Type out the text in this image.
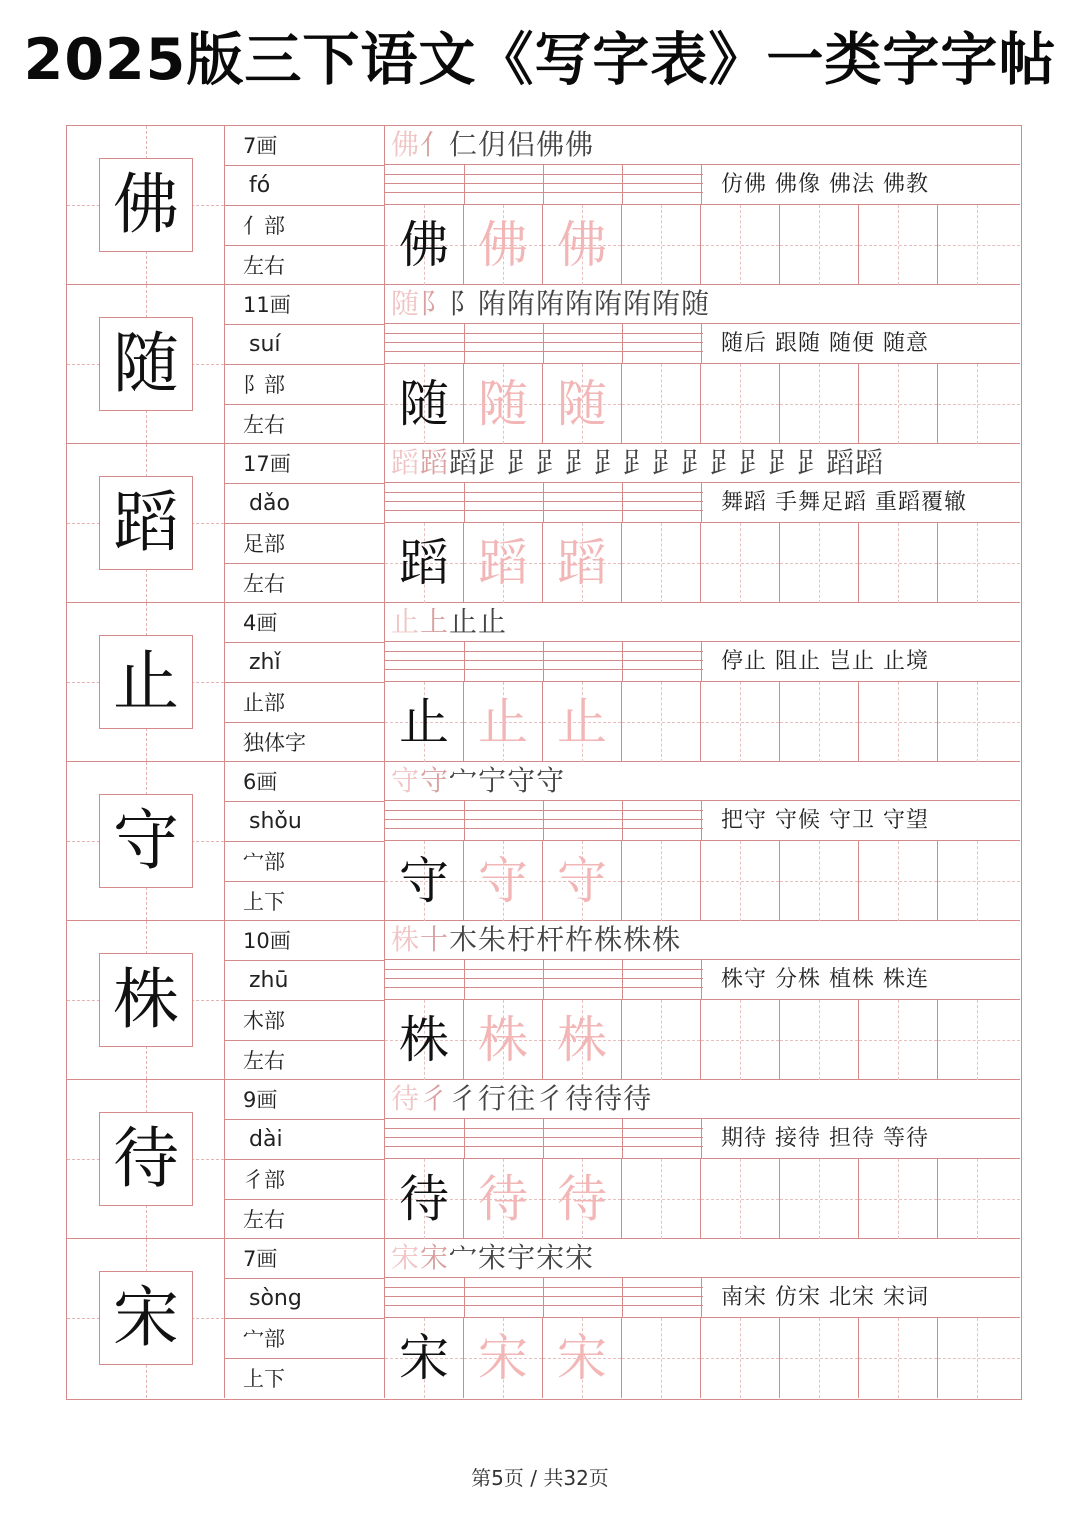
2025版三下语文《写字表》一类字字帖
佛
7画
fó
亻部
左右
佛亻仁仴侣佛佛
仿佛 佛像 佛法 佛教
佛 佛 佛
随
11画
suí
阝部
左右
随阝阝陏陏陏陏陏陏陏随
随后 跟随 随便 随意
随 随 随
蹈
17画
dǎo
足部
左右
蹈蹈蹈𧾷𧾷𧾷𧾷𧾷𧾷𧾷𧾷𧾷𧾷𧾷𧾷蹈蹈
舞蹈 手舞足蹈 重蹈覆辙
蹈 蹈 蹈
止
4画
zhǐ
止部
独体字
止上止止
停止 阻止 岂止 止境
止 止 止
守
6画
shǒu
宀部
上下
守守宀宁守守
把守 守候 守卫 守望
守 守 守
株
10画
zhū
木部
左右
株十木朱杅杆杵株株株
株守 分株 植株 株连
株 株 株
待
9画
dài
彳部
左右
待彳彳行往彳待待待
期待 接待 担待 等待
待 待 待
宋
7画
sòng
宀部
上下
宋宋宀宋宇宋宋
南宋 仿宋 北宋 宋词
宋 宋 宋
第5页 / 共32页
